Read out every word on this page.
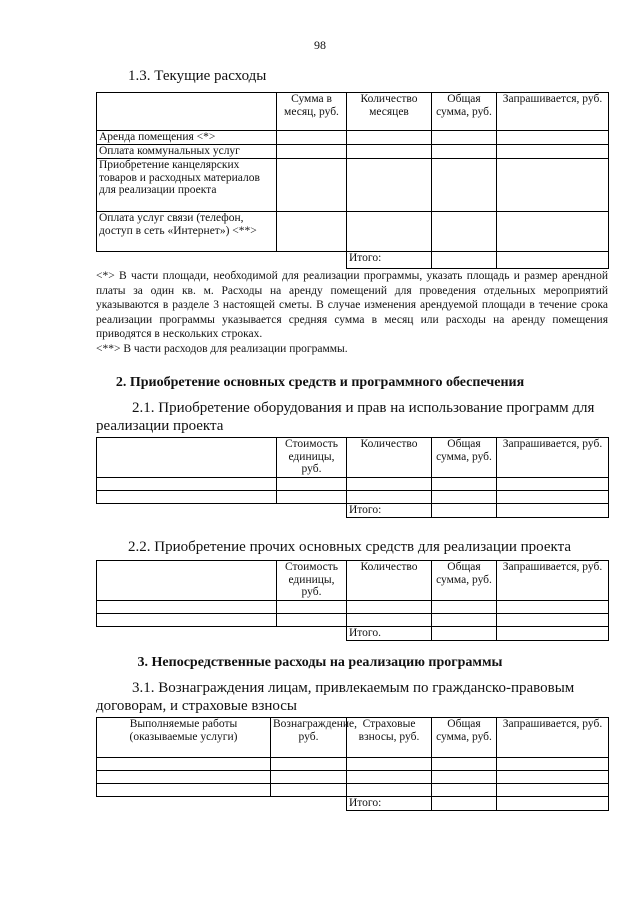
98
1.3. Текущие расходы
	Сумма в месяц, руб.	Количество месяцев	Общая сумма, руб.	Запрашивается, руб.
Аренда помещения <*>				
Оплата коммунальных услуг				
Приобретение канцелярских товаров и расходных материалов для реализации проекта				
Оплата услуг связи (телефон, доступ в сеть «Интернет») <**>				
		Итого:		
<*> В части площади, необходимой для реализации программы, указать площадь и размер арендной платы за один кв. м. Расходы на аренду помещений для проведения отдельных мероприятий указываются в разделе 3 настоящей сметы. В случае изменения арендуемой площади в течение срока реализации программы указывается средняя сумма в месяц или расходы на аренду помещения приводятся в нескольких строках.
<**> В части расходов для реализации программы.
2. Приобретение основных средств и программного обеспечения
2.1. Приобретение оборудования и прав на использование программ для реализации проекта
	Стоимость единицы, руб.	Количество	Общая сумма, руб.	Запрашивается, руб.

		Итого:		
2.2. Приобретение прочих основных средств для реализации проекта
	Стоимость единицы, руб.	Количество	Общая сумма, руб.	Запрашивается, руб.

		Итого.		
3. Непосредственные расходы на реализацию программы
3.1. Вознаграждения лицам, привлекаемым по гражданско-правовым договорам, и страховые взносы
Выполняемые работы (оказываемые услуги)	Вознаграждение, руб.	Страховые взносы, руб.	Общая сумма, руб.	Запрашивается, руб.

		Итого:		
